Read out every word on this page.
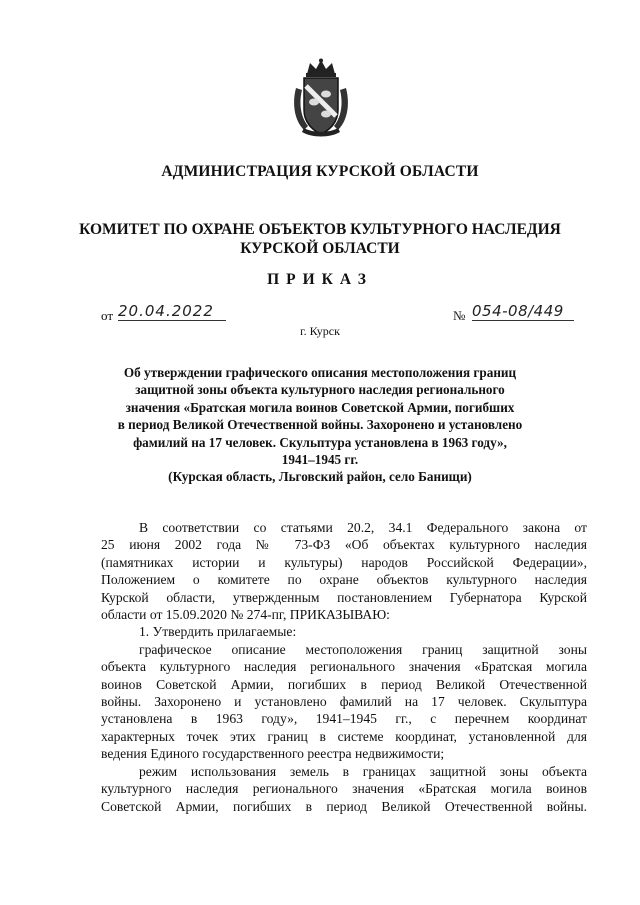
АДМИНИСТРАЦИЯ КУРСКОЙ ОБЛАСТИ
КОМИТЕТ ПО ОХРАНЕ ОБЪЕКТОВ КУЛЬТУРНОГО НАСЛЕДИЯ
КУРСКОЙ ОБЛАСТИ
ПРИКАЗ
от 20.04.2022	№ 054-08/449
г. Курск
Об утверждении графического описания местоположения границ
защитной зоны объекта культурного наследия регионального
значения «Братская могила воинов Советской Армии, погибших
в период Великой Отечественной войны. Захоронено и установлено
фамилий на 17 человек. Скульптура установлена в 1963 году»,
1941–1945 гг.
(Курская область, Льговский район, село Банищи)
В соответствии со статьями 20.2, 34.1 Федерального закона от
25 июня 2002 года № 73-ФЗ «Об объектах культурного наследия
(памятниках истории и культуры) народов Российской Федерации»,
Положением о комитете по охране объектов культурного наследия
Курской области, утвержденным постановлением Губернатора Курской
области от 15.09.2020 № 274-пг, ПРИКАЗЫВАЮ:
1. Утвердить прилагаемые:
графическое описание местоположения границ защитной зоны
объекта культурного наследия регионального значения «Братская могила
воинов Советской Армии, погибших в период Великой Отечественной
войны. Захоронено и установлено фамилий на 17 человек. Скульптура
установлена в 1963 году», 1941–1945 гг., с перечнем координат
характерных точек этих границ в системе координат, установленной для
ведения Единого государственного реестра недвижимости;
режим использования земель в границах защитной зоны объекта
культурного наследия регионального значения «Братская могила воинов
Советской Армии, погибших в период Великой Отечественной войны.
